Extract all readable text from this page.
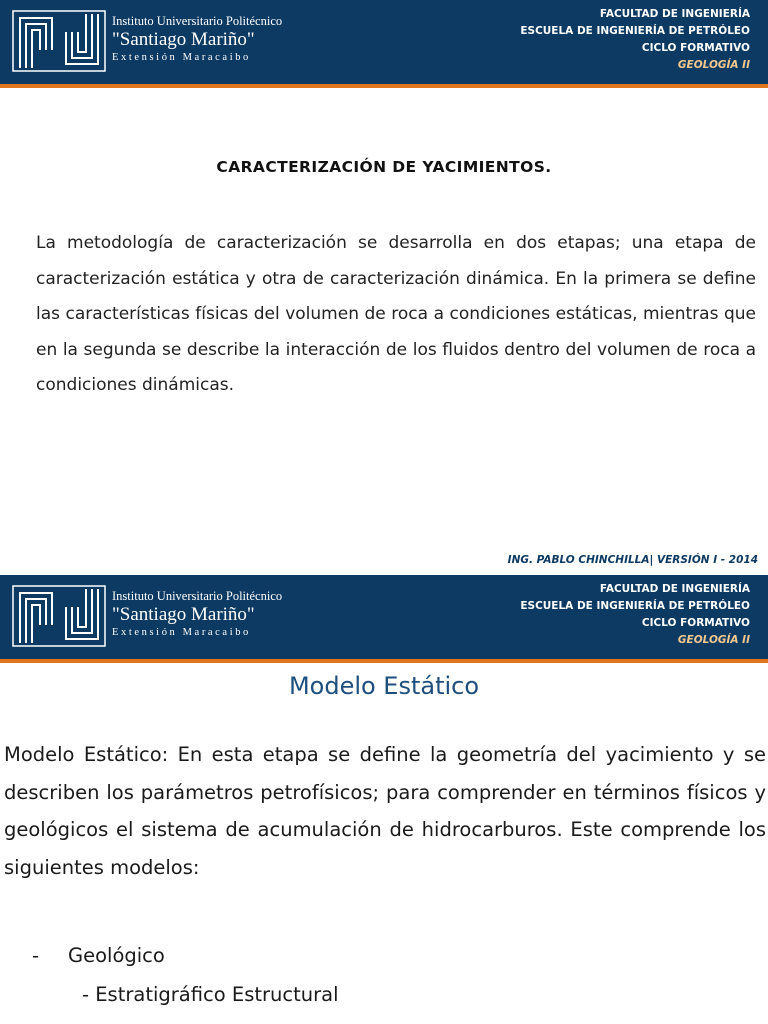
Instituto Universitario Politécnico
"Santiago Mariño"
Extensión Maracaibo
FACULTAD DE INGENIERÍA
ESCUELA DE INGENIERÍA DE PETRÓLEO
CICLO FORMATIVO
GEOLOGÍA II
CARACTERIZACIÓN DE YACIMIENTOS.
La metodología de caracterización se desarrolla en dos etapas; una etapa de caracterización estática y otra de caracterización dinámica. En la primera se define las características físicas del volumen de roca a condiciones estáticas, mientras que en la segunda se describe la interacción de los fluidos dentro del volumen de roca a condiciones dinámicas.
ING. PABLO CHINCHILLA| VERSIÓN I - 2014
Instituto Universitario Politécnico
"Santiago Mariño"
Extensión Maracaibo
FACULTAD DE INGENIERÍA
ESCUELA DE INGENIERÍA DE PETRÓLEO
CICLO FORMATIVO
GEOLOGÍA II
Modelo Estático
Modelo Estático: En esta etapa se define la geometría del yacimiento y se describen los parámetros petrofísicos; para comprender en términos físicos y geológicos el sistema de acumulación de hidrocarburos. Este comprende los siguientes modelos:
- Geológico
- Estratigráfico Estructural
